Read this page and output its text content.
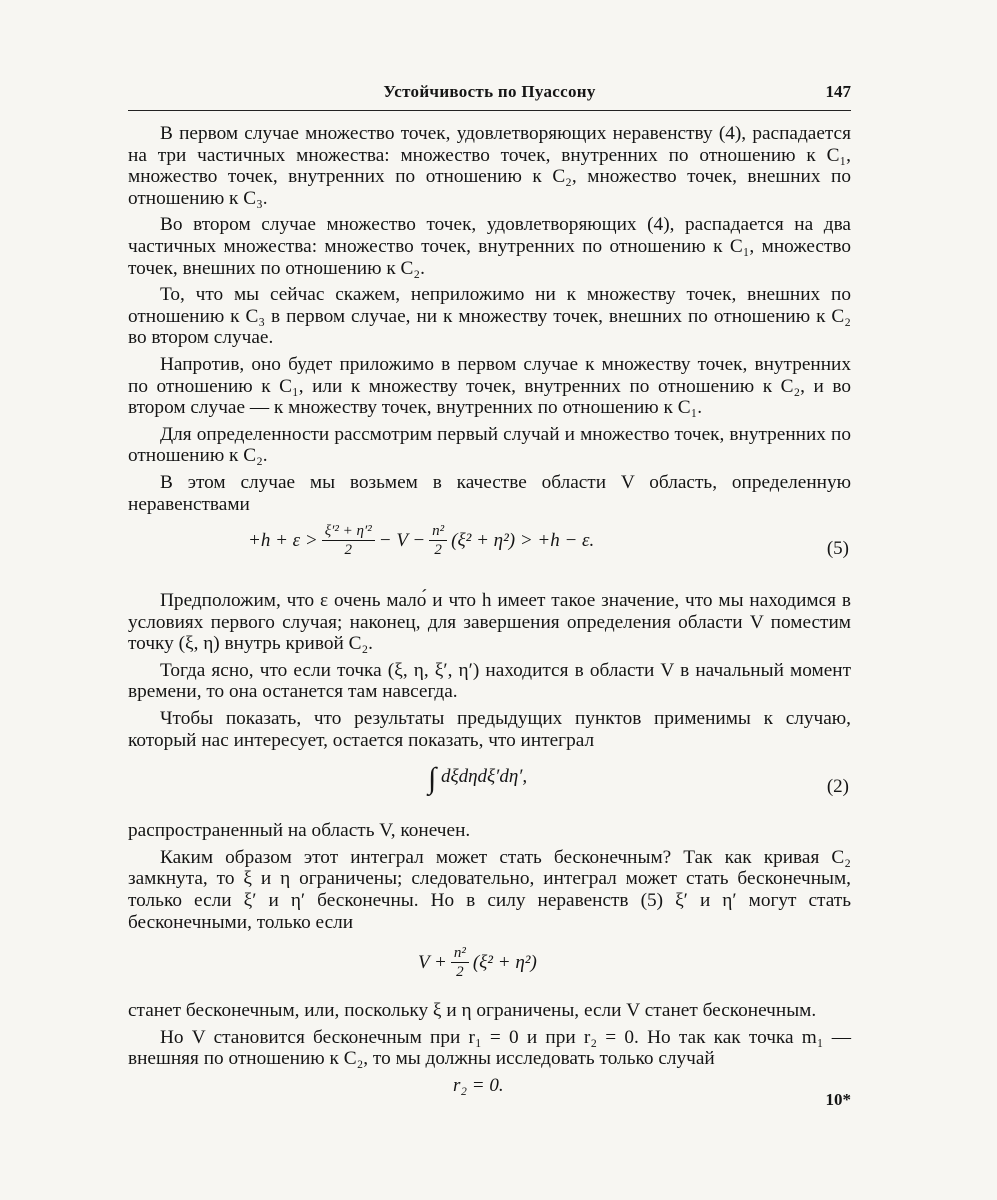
Устойчивость по Пуассону	147

В первом случае множество точек, удовлетворяющих неравенству (4), распадается на три частичных множества: множество точек, внутренних по отношению к C₁, множество точек, внутренних по отношению к C₂, множество точек, внешних по отношению к C₃.

Во втором случае множество точек, удовлетворяющих (4), распадается на два частичных множества: множество точек, внутренних по отношению к C₁, множество точек, внешних по отношению к C₂.

То, что мы сейчас скажем, неприложимо ни к множеству точек, внешних по отношению к C₃ в первом случае, ни к множеству точек, внешних по отношению к C₂ во втором случае.

Напротив, оно будет приложимо в первом случае к множеству точек, внутренних по отношению к C₁, или к множеству точек, внутренних по отношению к C₂, и во втором случае — к множеству точек, внутренних по отношению к C₁.

Для определенности рассмотрим первый случай и множество точек, внутренних по отношению к C₂.

В этом случае мы возьмем в качестве области V область, определенную неравенствами

$+h + \varepsilon > \frac{\text{ξ′² + η′²}}{2} - V - \frac{\text{n²}}{2} (\xi^2 + \eta^2) > +h - \varepsilon$.	(5)

Предположим, что ε очень мало́ и что h имеет такое значение, что мы находимся в условиях первого случая; наконец, для завершения определения области V поместим точку (ξ, η) внутрь кривой C₂.

Тогда ясно, что если точка (ξ, η, ξ′, η′) находится в области V в начальный момент времени, то она останется там навсегда.

Чтобы показать, что результаты предыдущих пунктов применимы к случаю, который нас интересует, остается показать, что интеграл

∫ dξdηdξ′dη′,	(2)

распространенный на область V, конечен.

Каким образом этот интеграл может стать бесконечным? Так как кривая C₂ замкнута, то ξ и η ограничены; следовательно, интеграл может стать бесконечным, только если ξ′ и η′ бесконечны. Но в силу неравенств (5) ξ′ и η′ могут стать бесконечными, только если

$V + \frac{\text{n²}}{2} (\xi^2 + \eta^2)$

станет бесконечным, или, поскольку ξ и η ограничены, если V станет бесконечным.

Но V становится бесконечным при r₁ = 0 и при r₂ = 0. Но так как точка m₁ — внешняя по отношению к C₂, то мы должны исследовать только случай

r₂ = 0.
10*
